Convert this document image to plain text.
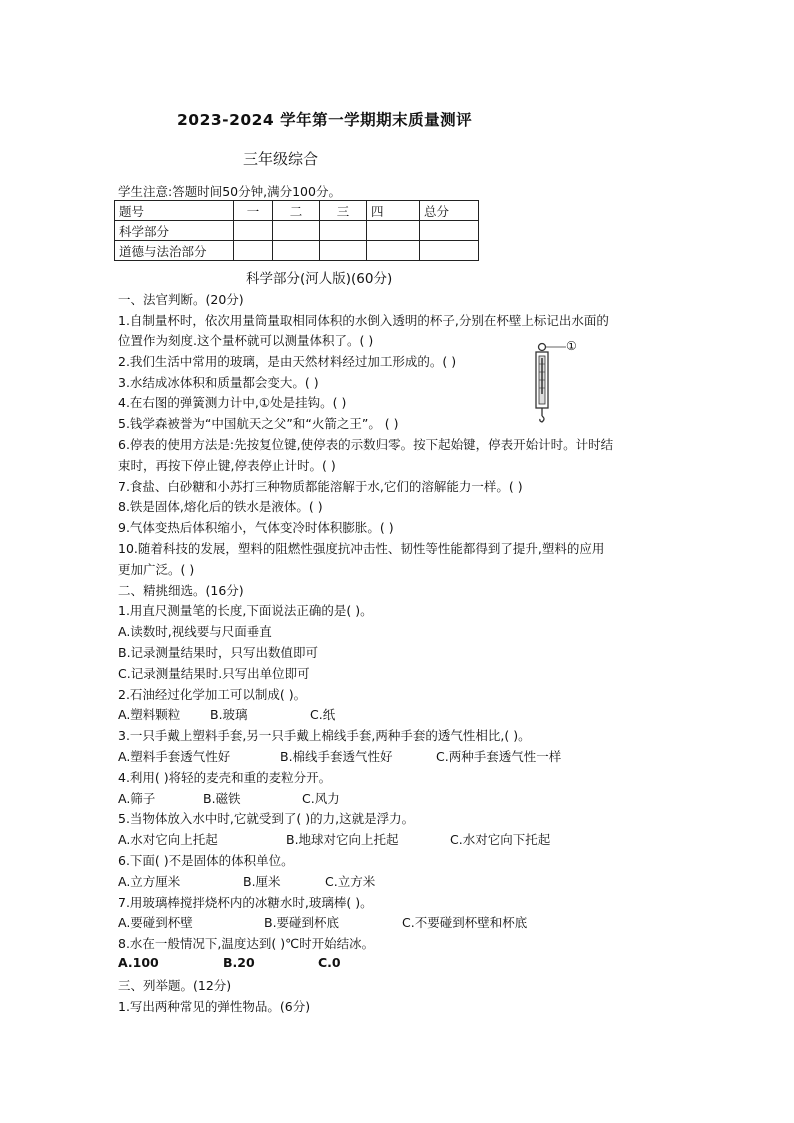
2023-2024 学年第一学期期末质量测评
三年级综合
学生注意:答题时间50分钟,满分100分。
题号	一	二	三	四	总分
科学部分					
道德与法治部分					
科学部分(河人版)(60分)
一、法官判断。(20分)
1.自制量杯时，依次用量筒量取相同体积的水倒入透明的杯子,分别在杯壁上标记出水面的
位置作为刻度.这个量杯就可以测量体积了。( )
2.我们生活中常用的玻璃，是由天然材料经过加工形成的。( )
3.水结成冰体积和质量都会变大。( )
4.在右图的弹簧测力计中,①处是挂钩。( )
5.钱学森被誉为“中国航天之父”和“火箭之王”。 ( )
6.停表的使用方法是:先按复位键,使停表的示数归零。按下起始键，停表开始计时。计时结
束时，再按下停止键,停表停止计时。( )
7.食盐、白砂糖和小苏打三种物质都能溶解于水,它们的溶解能力一样。( )
8.铁是固体,熔化后的铁水是液体。( )
9.气体变热后体积缩小，气体变冷时体积膨胀。( )
10.随着科技的发展，塑料的阻燃性强度抗冲击性、韧性等性能都得到了提升,塑料的应用
更加广泛。( )
①
二、精挑细选。(16分)
1.用直尺测量笔的长度,下面说法正确的是( )。
A.读数时,视线要与尺面垂直
B.记录测量结果时，只写出数值即可
C.记录测量结果时.只写出单位即可
2.石油经过化学加工可以制成( )。
A.塑料颗粒 B.玻璃	C.纸
3.一只手戴上塑料手套,另一只手戴上棉线手套,两种手套的透气性相比,( )。
A.塑料手套透气性好	B.棉线手套透气性好	C.两种手套透气性一样
4.利用( )将轻的麦壳和重的麦粒分开。
A.筛子	B.磁铁	C.风力
5.当物体放入水中时,它就受到了( )的力,这就是浮力。
A.水对它向上托起	B.地球对它向上托起	C.水对它向下托起
6.下面( )不是固体的体积单位。
A.立方厘米	B.厘米	C.立方米
7.用玻璃棒搅拌烧杯内的冰糖水时,玻璃棒( )。
A.要碰到杯壁	B.要碰到杯底	C.不要碰到杯壁和杯底
8.水在一般情况下,温度达到( )℃时开始结冰。
A.100	B.20	C.0
三、列举题。(12分)
1.写出两种常见的弹性物品。(6分)
